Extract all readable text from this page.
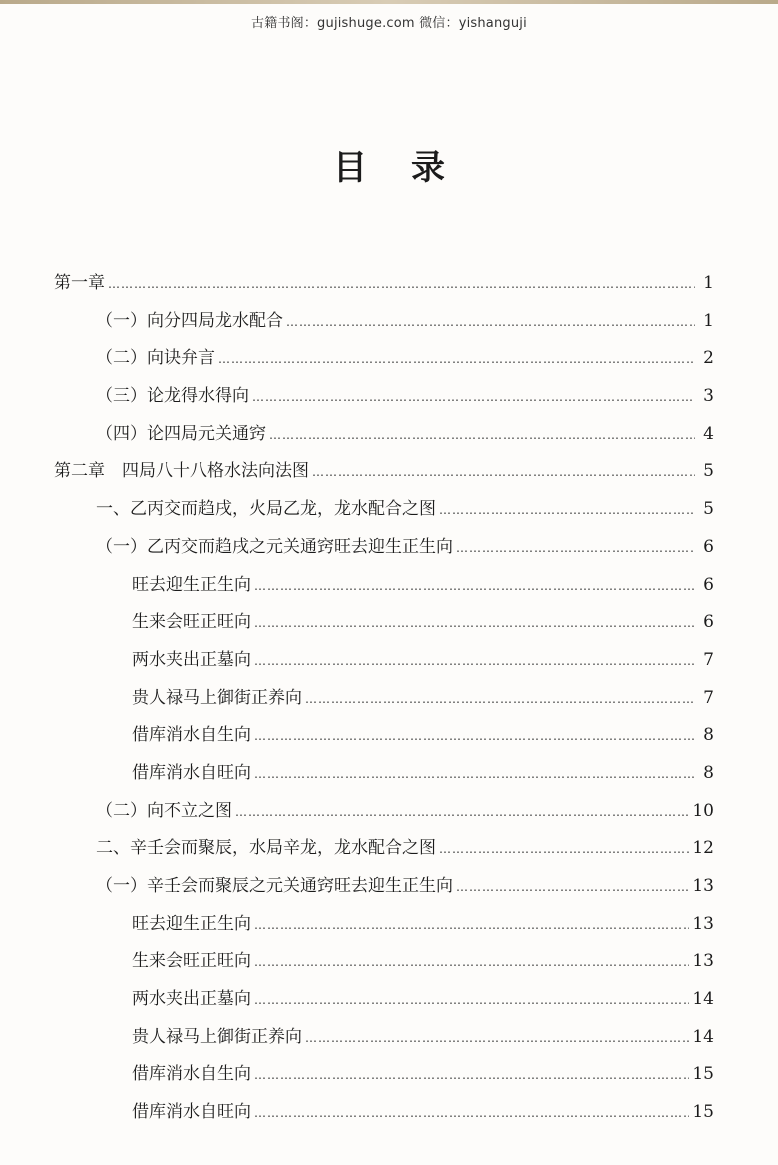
古籍书阁：gujishuge.com 微信：yishanguji
目录
第一章 ……………………………………………………………………………………………………………………………………………………………………………………………………	1
（一）向分四局龙水配合 ……………………………………………………………………………………………………………………………………………………………………………………………………	1
（二）向诀弁言 ……………………………………………………………………………………………………………………………………………………………………………………………………	2
（三）论龙得水得向 ……………………………………………………………………………………………………………………………………………………………………………………………………	3
（四）论四局元关通窍 ……………………………………………………………………………………………………………………………………………………………………………………………………	4
第二章　四局八十八格水法向法图 ……………………………………………………………………………………………………………………………………………………………………………………………………	5
一、乙丙交而趋戌，火局乙龙，龙水配合之图 ……………………………………………………………………………………………………………………………………………………………………………………………………	5
（一）乙丙交而趋戌之元关通窍旺去迎生正生向 ……………………………………………………………………………………………………………………………………………………………………………………………………	6
旺去迎生正生向 ……………………………………………………………………………………………………………………………………………………………………………………………………	6
生来会旺正旺向 ……………………………………………………………………………………………………………………………………………………………………………………………………	6
两水夹出正墓向 ……………………………………………………………………………………………………………………………………………………………………………………………………	7
贵人禄马上御街正养向 ……………………………………………………………………………………………………………………………………………………………………………………………………	7
借库消水自生向 ……………………………………………………………………………………………………………………………………………………………………………………………………	8
借库消水自旺向 ……………………………………………………………………………………………………………………………………………………………………………………………………	8
（二）向不立之图 ……………………………………………………………………………………………………………………………………………………………………………………………………	10
二、辛壬会而聚辰，水局辛龙，龙水配合之图 ……………………………………………………………………………………………………………………………………………………………………………………………………	12
（一）辛壬会而聚辰之元关通窍旺去迎生正生向 ……………………………………………………………………………………………………………………………………………………………………………………………………	13
旺去迎生正生向 ……………………………………………………………………………………………………………………………………………………………………………………………………	13
生来会旺正旺向 ……………………………………………………………………………………………………………………………………………………………………………………………………	13
两水夹出正墓向 ……………………………………………………………………………………………………………………………………………………………………………………………………	14
贵人禄马上御街正养向 ……………………………………………………………………………………………………………………………………………………………………………………………………	14
借库消水自生向 ……………………………………………………………………………………………………………………………………………………………………………………………………	15
借库消水自旺向 ……………………………………………………………………………………………………………………………………………………………………………………………………	15
